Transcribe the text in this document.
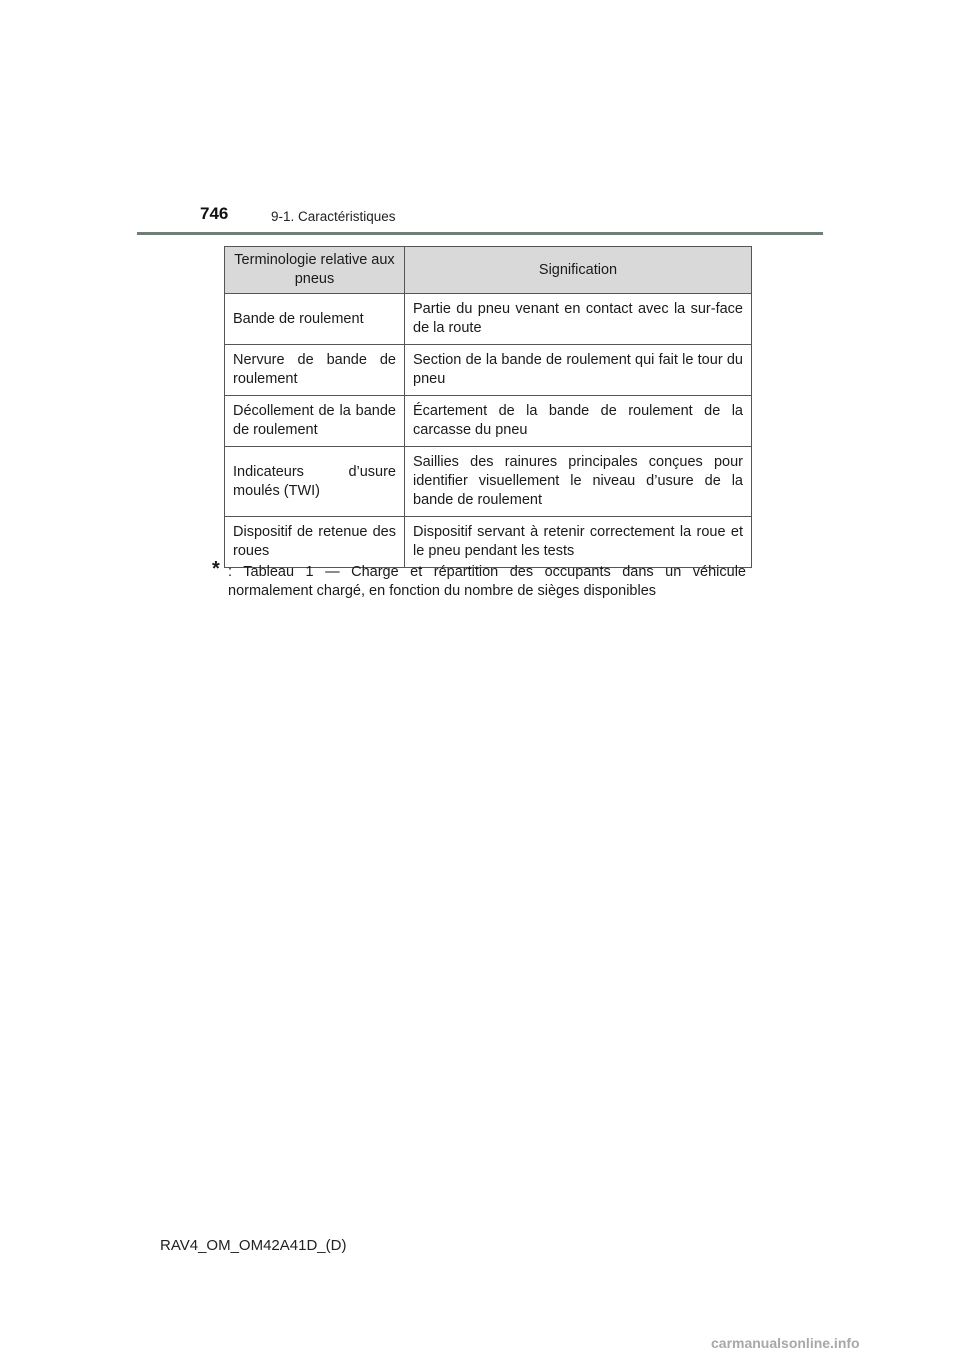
746	9-1. Caractéristiques
Terminologie relative aux pneus	Signification
Bande de roulement	Partie du pneu venant en contact avec la sur-face de la route
Nervure de bande de roulement	Section de la bande de roulement qui fait le tour du pneu
Décollement de la bande de roulement	Écartement de la bande de roulement de la carcasse du pneu
Indicateurs d’usure moulés (TWI)	Saillies des rainures principales conçues pour identifier visuellement le niveau d’usure de la bande de roulement
Dispositif de retenue des roues	Dispositif servant à retenir correctement la roue et le pneu pendant les tests
* : Tableau 1 — Charge et répartition des occupants dans un véhicule normalement chargé, en fonction du nombre de sièges disponibles
RAV4_OM_OM42A41D_(D)
carmanualsonline.info
